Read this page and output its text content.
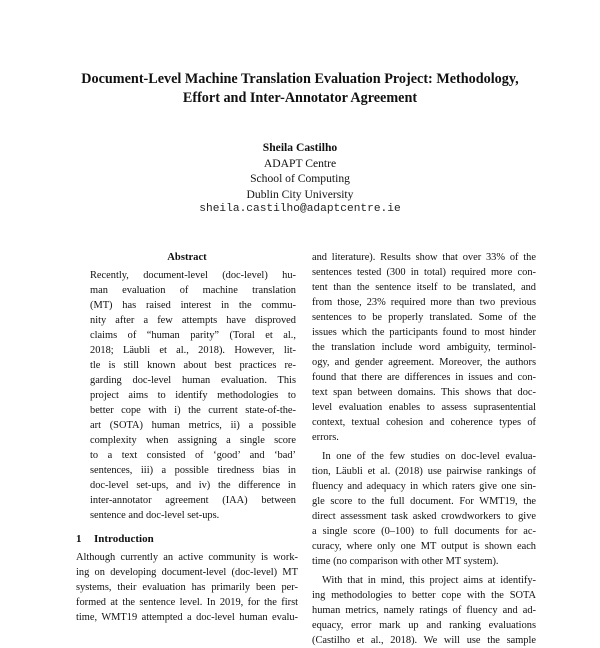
Document-Level Machine Translation Evaluation Project: Methodology,
Effort and Inter-Annotator Agreement
Sheila Castilho
ADAPT Centre
School of Computing
Dublin City University
sheila.castilho@adaptcentre.ie
Abstract
Recently, document-level (doc-level) hu-
man evaluation of machine translation
(MT) has raised interest in the commu-
nity after a few attempts have disproved
claims of “human parity” (Toral et al.,
2018; Läubli et al., 2018). However, lit-
tle is still known about best practices re-
garding doc-level human evaluation. This
project aims to identify methodologies to
better cope with i) the current state-of-the-
art (SOTA) human metrics, ii) a possible
complexity when assigning a single score
to a text consisted of ‘good’ and ‘bad’
sentences, iii) a possible tiredness bias in
doc-level set-ups, and iv) the difference in
inter-annotator agreement (IAA) between
sentence and doc-level set-ups.
1 Introduction
Although currently an active community is work-
ing on developing document-level (doc-level) MT
systems, their evaluation has primarily been per-
formed at the sentence level. In 2019, for the first
time, WMT19 attempted a doc-level human evalu-
and literature). Results show that over 33% of the
sentences tested (300 in total) required more con-
tent than the sentence itself to be translated, and
from those, 23% required more than two previous
sentences to be properly translated. Some of the
issues which the participants found to most hinder
the translation include word ambiguity, terminol-
ogy, and gender agreement. Moreover, the authors
found that there are differences in issues and con-
text span between domains. This shows that doc-
level evaluation enables to assess suprasentential
context, textual cohesion and coherence types of
errors.
In one of the few studies on doc-level evalua-
tion, Läubli et al. (2018) use pairwise rankings of
fluency and adequacy in which raters give one sin-
gle score to the full document. For WMT19, the
direct assessment task asked crowdworkers to give
a single score (0–100) to full documents for ac-
curacy, where only one MT output is shown each
time (no comparison with other MT system).
With that in mind, this project aims at identify-
ing methodologies to better cope with the SOTA
human metrics, namely ratings of fluency and ad-
equacy, error mark up and ranking evaluations
(Castilho et al., 2018). We will use the sample
